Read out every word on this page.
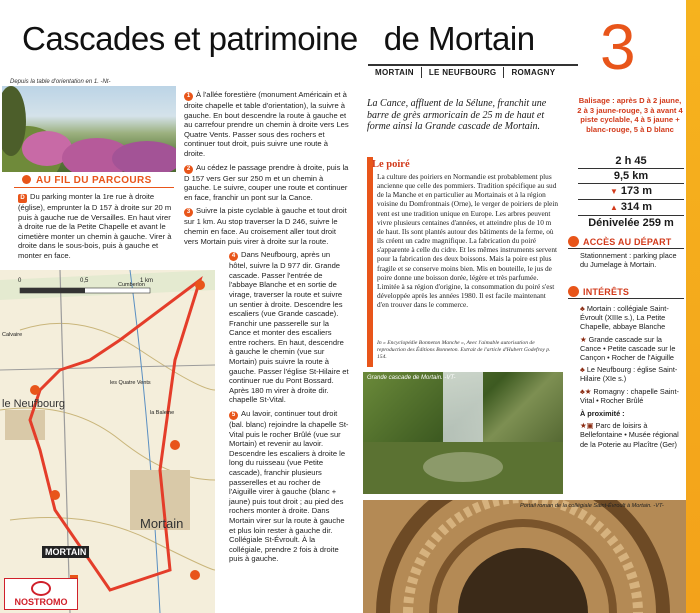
Cascades et patrimoine de Mortain
MORTAIN	LE NEUFBOURG	ROMAGNY 3
Depuis la table d'orientation en 1. -Nt-
AU FIL DU PARCOURS
D Du parking monter la 1re rue à droite (église), emprunter la D 157 à droite sur 20 m puis à gauche rue de Versailles. En haut virer à droite rue de la Petite Chapelle et avant le cimetière monter un chemin à gauche. Virer à droite dans le sous-bois, puis à gauche et monter en face.

1 À l'allée forestière (monument Américain et à droite chapelle et table d'orientation), la suivre à gauche. En bout descendre la route à gauche et au carrefour prendre un chemin à droite vers Les Quatre Vents. Passer sous des rochers et continuer tout droit, puis suivre une route à droite.

2 Au cédez le passage prendre à droite, puis la D 157 vers Ger sur 250 m et un chemin à gauche. Le suivre, couper une route et continuer en face, franchir un pont sur la Cance.

3 Suivre la piste cyclable à gauche et tout droit sur 1 km. Au stop traverser la D 246, suivre le chemin en face. Au croisement aller tout droit vers Mortain puis virer à droite sur la route.

4 Dans Neufbourg, après un hôtel, suivre la D 977 dir. Grande cascade. Passer l'entrée de l'abbaye Blanche et en sortie de virage, traverser la route et suivre un sentier à droite. Descendre les escaliers (vue Grande cascade). Franchir une passerelle sur la Cance et monter des escaliers entre rochers. En haut, descendre à gauche le chemin (vue sur Mortain) puis suivre la route à gauche. Passer l'église St-Hilaire et continuer rue du Pont Bossard. Après 180 m virer à droite dir. chapelle St-Vital.

5 Au lavoir, continuer tout droit (bal. blanc) rejoindre la chapelle St-Vital puis le rocher Brûlé (vue sur Mortain) et revenir au lavoir. Descendre les escaliers à droite le long du ruisseau (vue Petite cascade), franchir plusieurs passerelles et au rocher de l'Aiguille virer à gauche (blanc + jaune) puis tout droit ; au pied des rochers monter à droite. Dans Mortain virer sur la route à gauche et plus loin rester à gauche dir. Collégiale St-Évroult. À la collégiale, prendre 2 fois à droite puis à gauche.

0	0,5	1 km
le Neufbourg
Mortain
MORTAIN
Cumberlon
les Quatre Vents
Calvaire
la Baleine
NOSTROMO
La Cance, affluent de la Sélune, franchit une barre de grès armoricain de 25 m de haut et forme ainsi la Grande cascade de Mortain.
Le poiré
La culture des poiriers en Normandie est probablement plus ancienne que celle des pommiers. Tradition spécifique au sud de la Manche et en particulier au Mortainais et à la région voisine du Domfrontnais (Orne), le verger de poiriers de plein vent est une tradition unique en Europe. Les arbres peuvent vivre plusieurs centaines d'années, et atteindre plus de 10 m de haut. Ils sont plantés autour des bâtiments de la ferme, où ils créent un cadre magnifique. La fabrication du poiré s'apparente à celle du cidre. Et les mêmes instruments servent pour la fabrication des deux boissons. Mais la poire est plus fragile et se conserve moins bien. Mis en bouteille, le jus de poire donne une boisson dorée, légère et très parfumée. Limitée à sa région d'origine, la consommation du poiré s'est développée après les années 1980. Il est facile maintenant d'en trouver dans le commerce.
In « Encyclopédie Bonneton Manche », Avec l'aimable autorisation de reproduction des Éditions Bonneton. Extrait de l'article d'Hubert Godefroy p. 154.
Grande cascade de Mortain. -VT-
Portail roman de la collégiale Saint-Évroult à Mortain. -VT-
Balisage : après D à 2 jaune, 2 à 3 jaune-rouge, 3 à avant 4 piste cyclable, 4 à 5 jaune + blanc-rouge, 5 à D blanc
2 h 45
9,5 km
▼ 173 m
▲ 314 m
Dénivelée 259 m
ACCÈS AU DÉPART
Stationnement : parking place du Jumelage à Mortain.
INTÉRÊTS

♣ Mortain : collégiale Saint-Évroult (XIIIe s.), La Petite Chapelle, abbaye Blanche

★ Grande cascade sur la Cance • Petite cascade sur le Cançon • Rocher de l'Aiguille

♣ Le Neufbourg : église Saint-Hilaire (XIe s.)

♣★ Romagny : chapelle Saint-Vital • Rocher Brûlé

À proximité :

★▣ Parc de loisirs à Bellefontaine • Musée régional de la Poterie au Placître (Ger)
